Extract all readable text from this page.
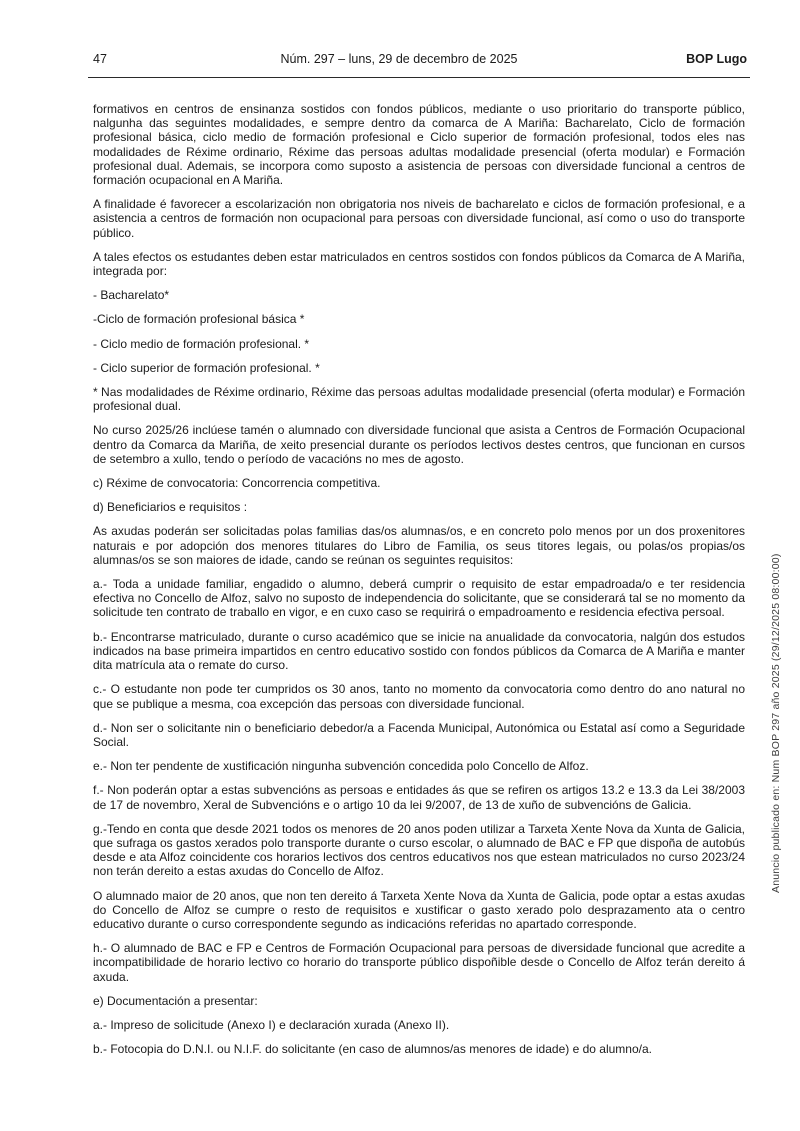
47	Núm. 297 – luns, 29 de decembro de 2025	BOP Lugo

formativos en centros de ensinanza sostidos con fondos públicos, mediante o uso prioritario do transporte público, nalgunha das seguintes modalidades, e sempre dentro da comarca de A Mariña: Bacharelato, Ciclo de formación profesional básica, ciclo medio de formación profesional e Ciclo superior de formación profesional, todos eles nas modalidades de Réxime ordinario, Réxime das persoas adultas modalidade presencial (oferta modular) e Formación profesional dual. Ademais, se incorpora como suposto a asistencia de persoas con diversidade funcional a centros de formación ocupacional en A Mariña.

A finalidade é favorecer a escolarización non obrigatoria nos niveis de bacharelato e ciclos de formación profesional, e a asistencia a centros de formación non ocupacional para persoas con diversidade funcional, así como o uso do transporte público.

A tales efectos os estudantes deben estar matriculados en centros sostidos con fondos públicos da Comarca de A Mariña, integrada por:

- Bacharelato*

-Ciclo de formación profesional básica *

- Ciclo medio de formación profesional. *

- Ciclo superior de formación profesional. *

* Nas modalidades de Réxime ordinario, Réxime das persoas adultas modalidade presencial (oferta modular) e Formación profesional dual.

No curso 2025/26 inclúese tamén o alumnado con diversidade funcional que asista a Centros de Formación Ocupacional dentro da Comarca da Mariña, de xeito presencial durante os períodos lectivos destes centros, que funcionan en cursos de setembro a xullo, tendo o período de vacacións no mes de agosto.

c) Réxime de convocatoria: Concorrencia competitiva.

d) Beneficiarios e requisitos :

As axudas poderán ser solicitadas polas familias das/os alumnas/os, e en concreto polo menos por un dos proxenitores naturais e por adopción dos menores titulares do Libro de Familia, os seus titores legais, ou polas/os propias/os alumnas/os se son maiores de idade, cando se reúnan os seguintes requisitos:

a.- Toda a unidade familiar, engadido o alumno, deberá cumprir o requisito de estar empadroada/o e ter residencia efectiva no Concello de Alfoz, salvo no suposto de independencia do solicitante, que se considerará tal se no momento da solicitude ten contrato de traballo en vigor, e en cuxo caso se requirirá o empadroamento e residencia efectiva persoal.

b.- Encontrarse matriculado, durante o curso académico que se inicie na anualidade da convocatoria, nalgún dos estudos indicados na base primeira impartidos en centro educativo sostido con fondos públicos da Comarca de A Mariña e manter dita matrícula ata o remate do curso.

c.- O estudante non pode ter cumpridos os 30 anos, tanto no momento da convocatoria como dentro do ano natural no que se publique a mesma, coa excepción das persoas con diversidade funcional.

d.- Non ser o solicitante nin o beneficiario debedor/a a Facenda Municipal, Autonómica ou Estatal así como a Seguridade Social.

e.- Non ter pendente de xustificación ningunha subvención concedida polo Concello de Alfoz.

f.- Non poderán optar a estas subvencións as persoas e entidades ás que se refiren os artigos 13.2 e 13.3 da Lei 38/2003 de 17 de novembro, Xeral de Subvencións e o artigo 10 da lei 9/2007, de 13 de xuño de subvencións de Galicia.

g.-Tendo en conta que desde 2021 todos os menores de 20 anos poden utilizar a Tarxeta Xente Nova da Xunta de Galicia, que sufraga os gastos xerados polo transporte durante o curso escolar, o alumnado de BAC e FP que dispoña de autobús desde e ata Alfoz coincidente cos horarios lectivos dos centros educativos nos que estean matriculados no curso 2023/24 non terán dereito a estas axudas do Concello de Alfoz.

O alumnado maior de 20 anos, que non ten dereito á Tarxeta Xente Nova da Xunta de Galicia, pode optar a estas axudas do Concello de Alfoz se cumpre o resto de requisitos e xustificar o gasto xerado polo desprazamento ata o centro educativo durante o curso correspondente segundo as indicacións referidas no apartado corresponde.

h.- O alumnado de BAC e FP e Centros de Formación Ocupacional para persoas de diversidade funcional que acredite a incompatibilidade de horario lectivo co horario do transporte público dispoñible desde o Concello de Alfoz terán dereito á axuda.

e) Documentación a presentar:

a.- Impreso de solicitude (Anexo I) e declaración xurada (Anexo II).

b.- Fotocopia do D.N.I. ou N.I.F. do solicitante (en caso de alumnos/as menores de idade) e do alumno/a.

Anuncio publicado en: Num BOP 297 año 2025 (29/12/2025 08:00:00)
